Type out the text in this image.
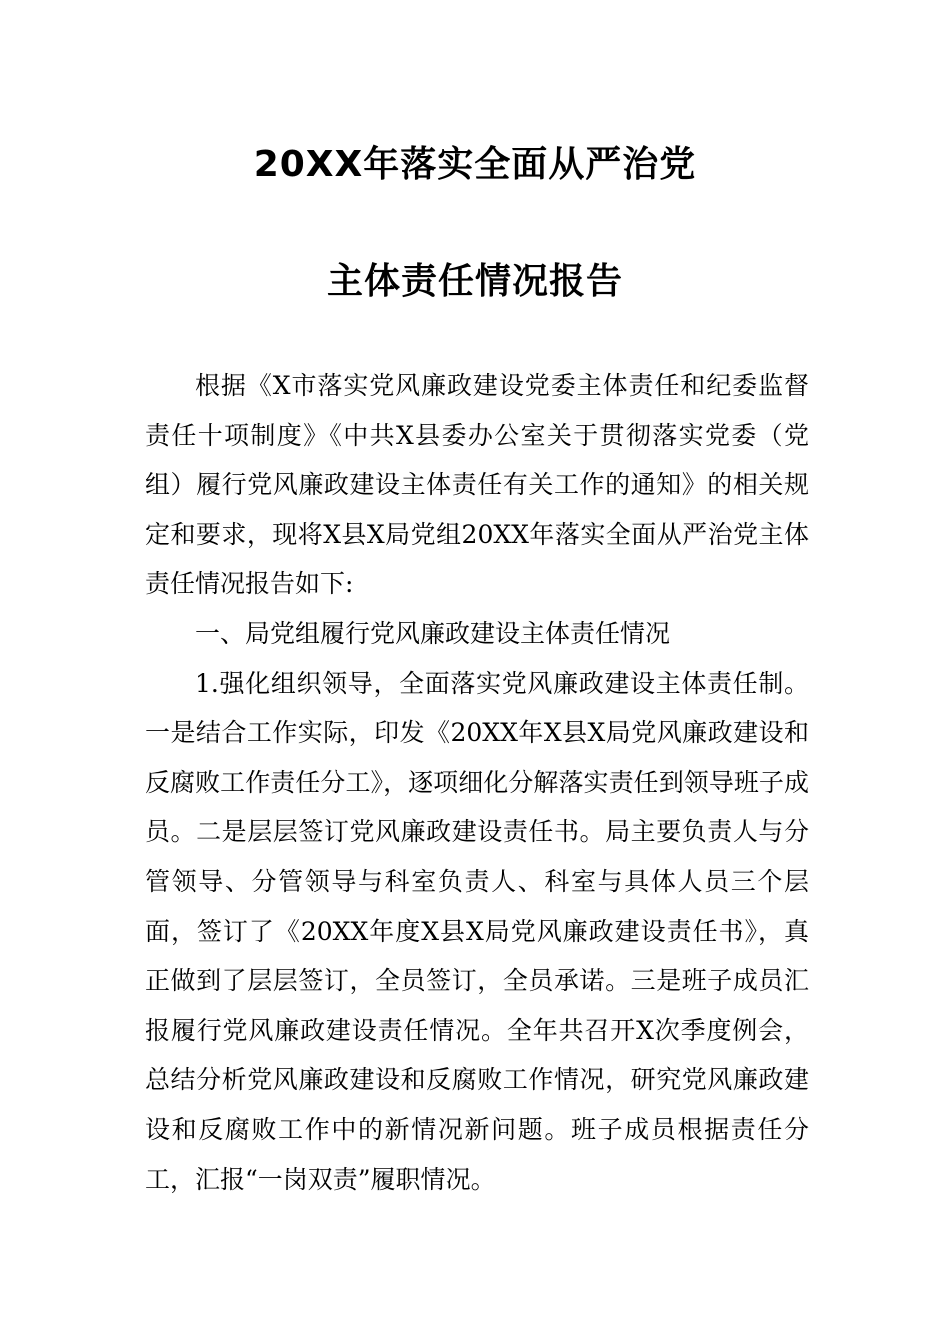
20XX年落实全面从严治党
主体责任情况报告

根据《X市落实党风廉政建设党委主体责任和纪委监督责任十项制度》《中共X县委办公室关于贯彻落实党委（党组）履行党风廉政建设主体责任有关工作的通知》的相关规定和要求，现将X县X局党组20XX年落实全面从严治党主体责任情况报告如下:

一、局党组履行党风廉政建设主体责任情况

1.强化组织领导，全面落实党风廉政建设主体责任制。一是结合工作实际，印发《20XX年X县X局党风廉政建设和反腐败工作责任分工》，逐项细化分解落实责任到领导班子成员。二是层层签订党风廉政建设责任书。局主要负责人与分管领导、分管领导与科室负责人、科室与具体人员三个层面，签订了《20XX年度X县X局党风廉政建设责任书》，真正做到了层层签订，全员签订，全员承诺。三是班子成员汇报履行党风廉政建设责任情况。全年共召开X次季度例会，总结分析党风廉政建设和反腐败工作情况，研究党风廉政建设和反腐败工作中的新情况新问题。班子成员根据责任分工，汇报“一岗双责”履职情况。
